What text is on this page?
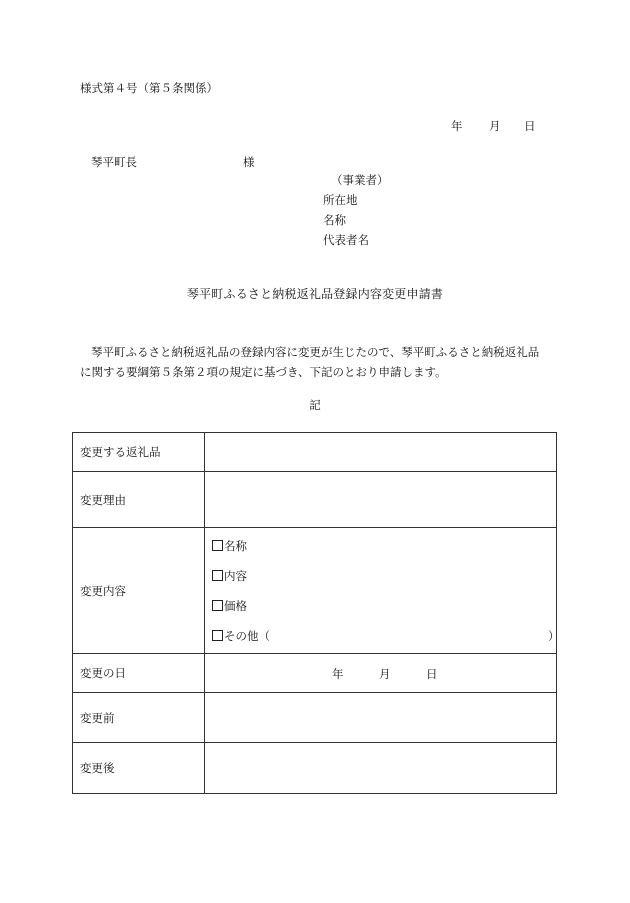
様式第４号（第５条関係）
年 月 日
琴平町長	様
（事業者）
所在地
名称
代表者名
琴平町ふるさと納税返礼品登録内容変更申請書

琴平町ふるさと納税返礼品の登録内容に変更が生じたので、琴平町ふるさと納税返礼品

に関する要綱第５条第２項の規定に基づき、下記のとおり申請します。

記
変更する返礼品	
変更理由	
変更内容	名称
内容
価格
その他（ ）

変更の日	年 月 日

変更前	
変更後	
